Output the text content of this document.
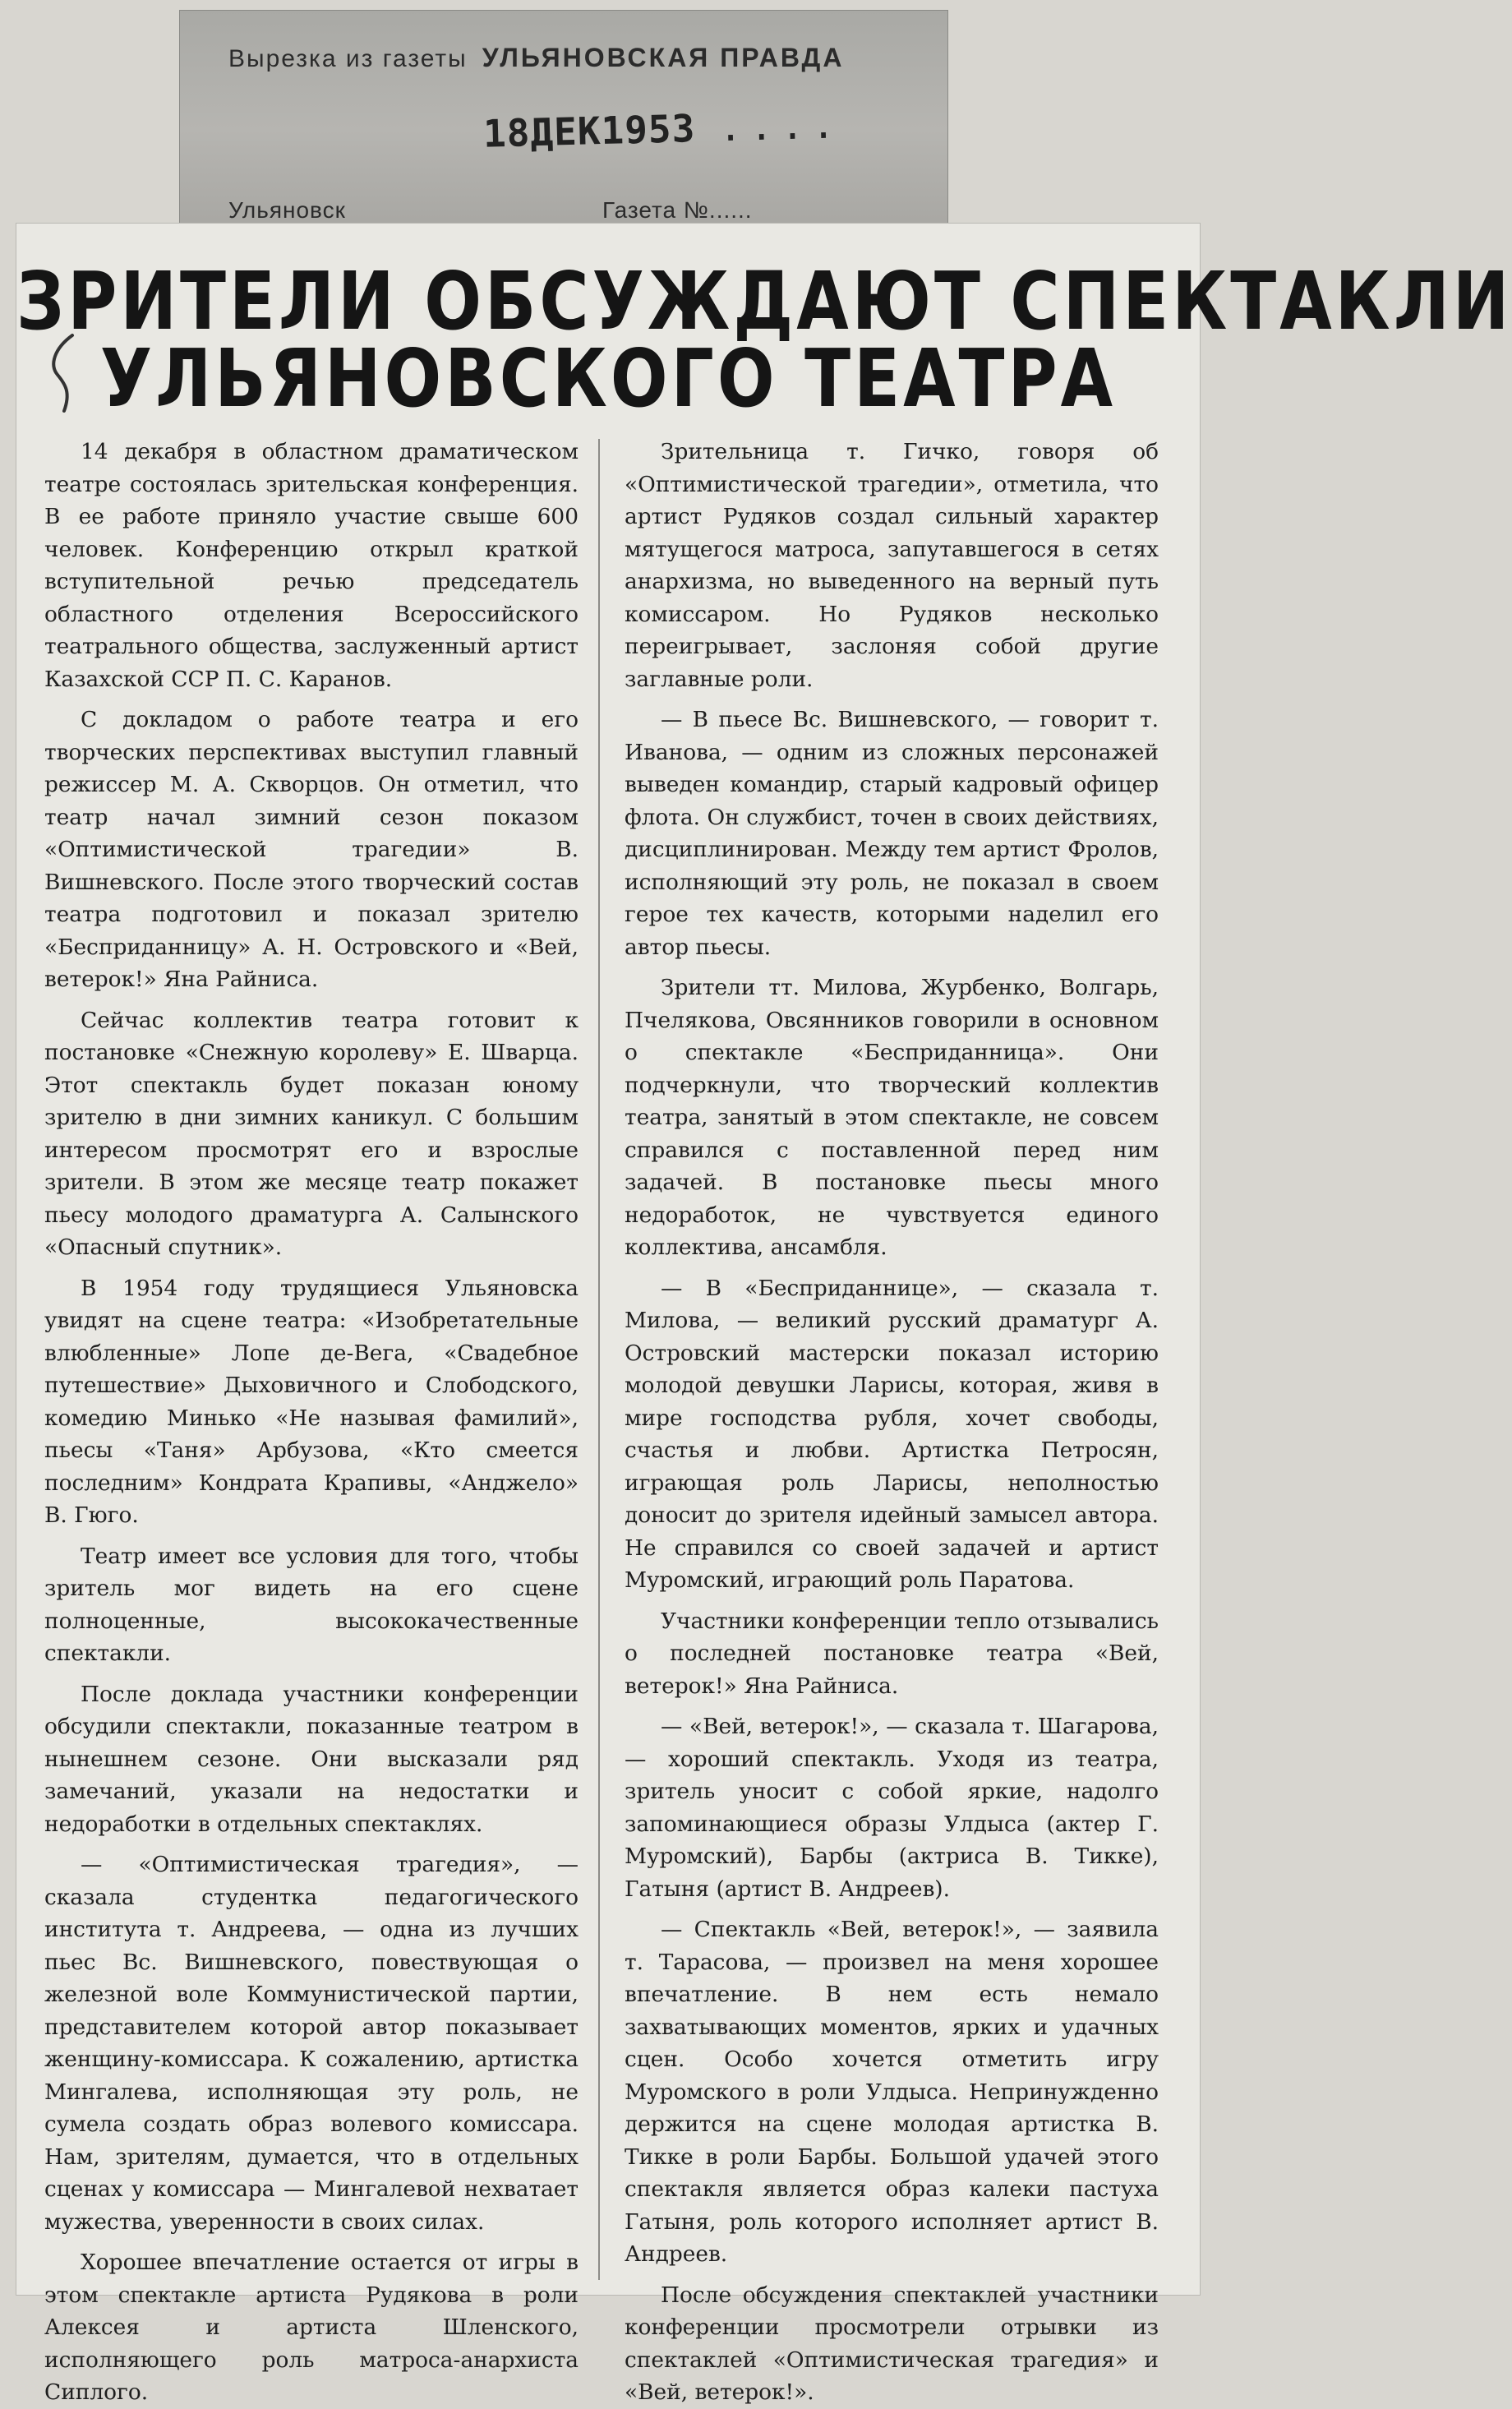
Вырезка из газеты УЛЬЯНОВСКАЯ ПРАВДА
18ДЕК1953 ....
Ульяновск	Газета №......
ЗРИТЕЛИ ОБСУЖДАЮТ СПЕКТАКЛИ
УЛЬЯНОВСКОГО ТЕАТРА

14 декабря в областном драматическом театре состоялась зрительская конференция. В ее работе приняло участие свыше 600 человек. Конференцию открыл краткой вступительной речью председатель областного отделения Всероссийского театрального общества, заслуженный артист Казахской ССР П. С. Каранов.

С докладом о работе театра и его творческих перспективах выступил главный режиссер М. А. Скворцов. Он отметил, что театр начал зимний сезон показом «Оптимистической трагедии» В. Вишневского. После этого творческий состав театра подготовил и показал зрителю «Бесприданницу» А. Н. Островского и «Вей, ветерок!» Яна Райниса.

Сейчас коллектив театра готовит к постановке «Снежную королеву» Е. Шварца. Этот спектакль будет показан юному зрителю в дни зимних каникул. С большим интересом просмотрят его и взрослые зрители. В этом же месяце театр покажет пьесу молодого драматурга А. Салынского «Опасный спутник».

В 1954 году трудящиеся Ульяновска увидят на сцене театра: «Изобретательные влюбленные» Лопе де-Вега, «Свадебное путешествие» Дыховичного и Слободского, комедию Минько «Не называя фамилий», пьесы «Таня» Арбузова, «Кто смеется последним» Кондрата Крапивы, «Анджело» В. Гюго.

Театр имеет все условия для того, чтобы зритель мог видеть на его сцене полноценные, высококачественные спектакли.

После доклада участники конференции обсудили спектакли, показанные театром в нынешнем сезоне. Они высказали ряд замечаний, указали на недостатки и недоработки в отдельных спектаклях.

— «Оптимистическая трагедия», — сказала студентка педагогического института т. Андреева, — одна из лучших пьес Вс. Вишневского, повествующая о железной воле Коммунистической партии, представителем которой автор показывает женщину-комиссара. К сожалению, артистка Мингалева, исполняющая эту роль, не сумела создать образ волевого комиссара. Нам, зрителям, думается, что в отдельных сценах у комиссара — Мингалевой нехватает мужества, уверенности в своих силах.

Хорошее впечатление остается от игры в этом спектакле артиста Рудякова в роли Алексея и артиста Шленского, исполняющего роль матроса-анархиста Сиплого.

Зрительница т. Гичко, говоря об «Оптимистической трагедии», отметила, что артист Рудяков создал сильный характер мятущегося матроса, запутавшегося в сетях анархизма, но выведенного на верный путь комиссаром. Но Рудяков несколько переигрывает, заслоняя собой другие заглавные роли.

— В пьесе Вс. Вишневского, — говорит т. Иванова, — одним из сложных персонажей выведен командир, старый кадровый офицер флота. Он службист, точен в своих действиях, дисциплинирован. Между тем артист Фролов, исполняющий эту роль, не показал в своем герое тех качеств, которыми наделил его автор пьесы.

Зрители тт. Милова, Журбенко, Волгарь, Пчелякова, Овсянников говорили в основном о спектакле «Бесприданница». Они подчеркнули, что творческий коллектив театра, занятый в этом спектакле, не совсем справился с поставленной перед ним задачей. В постановке пьесы много недоработок, не чувствуется единого коллектива, ансамбля.

— В «Бесприданнице», — сказала т. Милова, — великий русский драматург А. Островский мастерски показал историю молодой девушки Ларисы, которая, живя в мире господства рубля, хочет свободы, счастья и любви. Артистка Петросян, играющая роль Ларисы, неполностью доносит до зрителя идейный замысел автора. Не справился со своей задачей и артист Муромский, играющий роль Паратова.

Участники конференции тепло отзывались о последней постановке театра «Вей, ветерок!» Яна Райниса.

— «Вей, ветерок!», — сказала т. Шагарова, — хороший спектакль. Уходя из театра, зритель уносит с собой яркие, надолго запоминающиеся образы Улдыса (актер Г. Муромский), Барбы (актриса В. Тикке), Гатыня (артист В. Андреев).

— Спектакль «Вей, ветерок!», — заявила т. Тарасова, — произвел на меня хорошее впечатление. В нем есть немало захватывающих моментов, ярких и удачных сцен. Особо хочется отметить игру Муромского в роли Улдыса. Непринужденно держится на сцене молодая артистка В. Тикке в роли Барбы. Большой удачей этого спектакля является образ калеки пастуха Гатыня, роль которого исполняет артист В. Андреев.

После обсуждения спектаклей участники конференции просмотрели отрывки из спектаклей «Оптимистическая трагедия» и «Вей, ветерок!».
